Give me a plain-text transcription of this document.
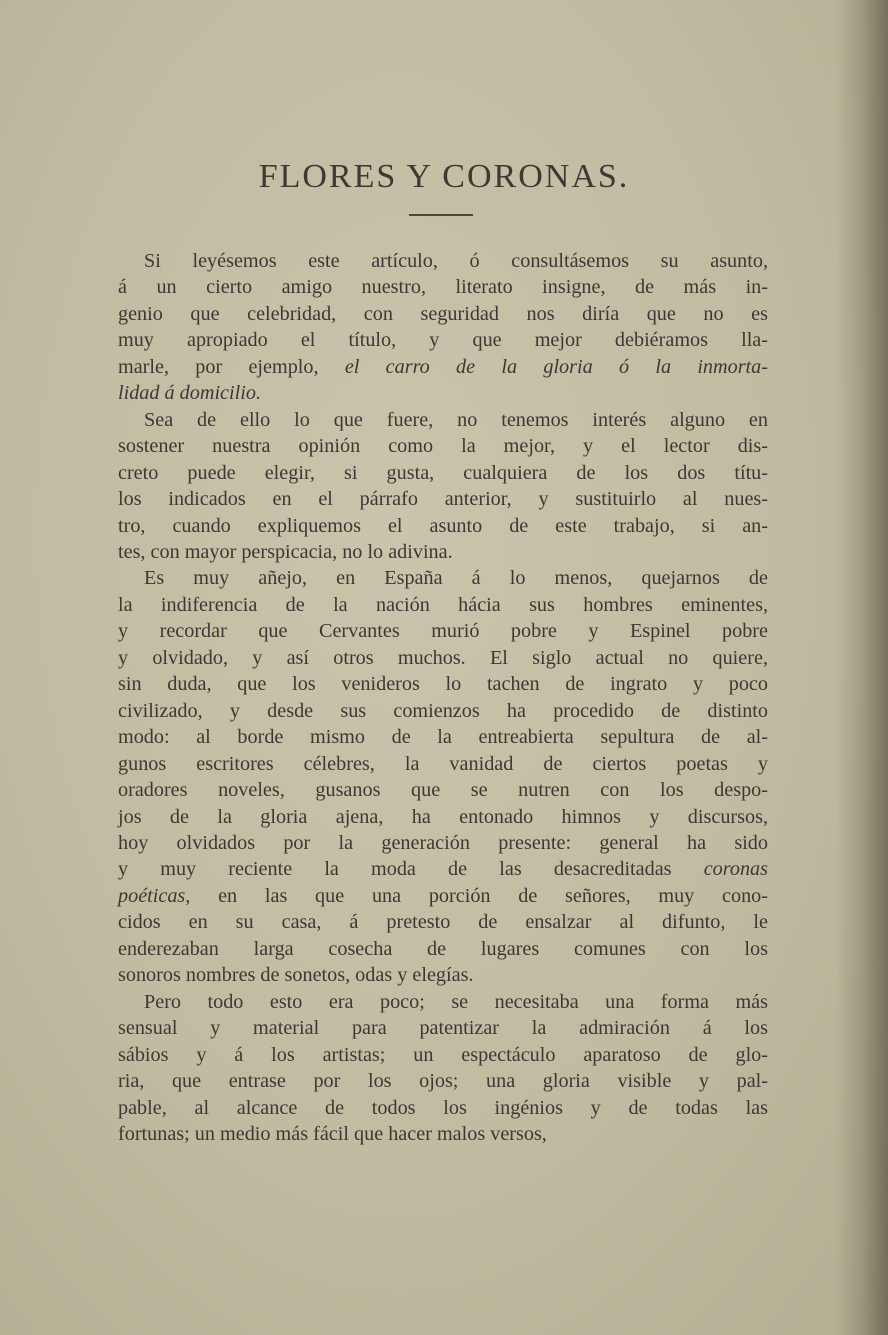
FLORES Y CORONAS.
Si leyésemos este artículo, ó consultásemos su asunto,
á un cierto amigo nuestro, literato insigne, de más in-
genio que celebridad, con seguridad nos diría que no es
muy apropiado el título, y que mejor debiéramos lla-
marle, por ejemplo, el carro de la gloria ó la inmorta-
lidad á domicilio.
Sea de ello lo que fuere, no tenemos interés alguno en
sostener nuestra opinión como la mejor, y el lector dis-
creto puede elegir, si gusta, cualquiera de los dos títu-
los indicados en el párrafo anterior, y sustituirlo al nues-
tro, cuando expliquemos el asunto de este trabajo, si an-
tes, con mayor perspicacia, no lo adivina.
Es muy añejo, en España á lo menos, quejarnos de
la indiferencia de la nación hácia sus hombres eminentes,
y recordar que Cervantes murió pobre y Espinel pobre
y olvidado, y así otros muchos. El siglo actual no quiere,
sin duda, que los venideros lo tachen de ingrato y poco
civilizado, y desde sus comienzos ha procedido de distinto
modo: al borde mismo de la entreabierta sepultura de al-
gunos escritores célebres, la vanidad de ciertos poetas y
oradores noveles, gusanos que se nutren con los despo-
jos de la gloria ajena, ha entonado himnos y discursos,
hoy olvidados por la generación presente: general ha sido
y muy reciente la moda de las desacreditadas coronas
poéticas, en las que una porción de señores, muy cono-
cidos en su casa, á pretesto de ensalzar al difunto, le
enderezaban larga cosecha de lugares comunes con los
sonoros nombres de sonetos, odas y elegías.
Pero todo esto era poco; se necesitaba una forma más
sensual y material para patentizar la admiración á los
sábios y á los artistas; un espectáculo aparatoso de glo-
ria, que entrase por los ojos; una gloria visible y pal-
pable, al alcance de todos los ingénios y de todas las
fortunas; un medio más fácil que hacer malos versos,
